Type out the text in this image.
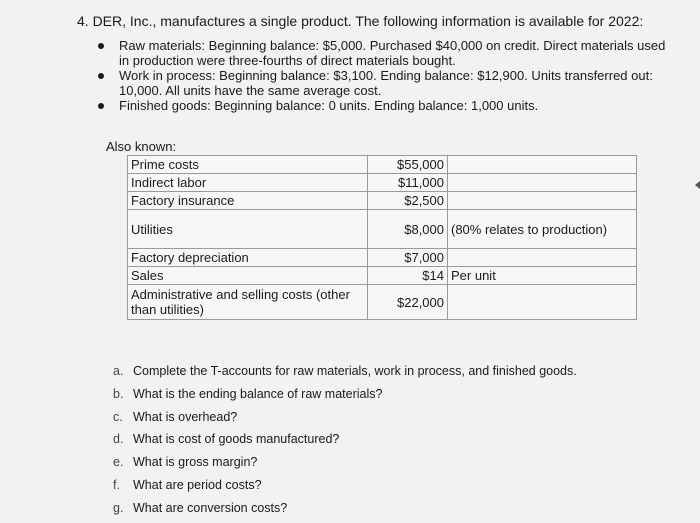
4. DER, Inc., manufactures a single product. The following information is available for 2022:
Raw materials: Beginning balance: $5,000. Purchased $40,000 on credit. Direct materials used in production were three-fourths of direct materials bought.
Work in process: Beginning balance: $3,100. Ending balance: $12,900. Units transferred out: 10,000. All units have the same average cost.
Finished goods: Beginning balance: 0 units. Ending balance: 1,000 units.
Also known:
Prime costs	$55,000	
Indirect labor	$11,000	
Factory insurance	$2,500	
Utilities	$8,000	(80% relates to production)
Factory depreciation	$7,000	
Sales	$14	Per unit
Administrative and selling costs (other than utilities)	$22,000	
a. Complete the T-accounts for raw materials, work in process, and finished goods.
b. What is the ending balance of raw materials?
c. What is overhead?
d. What is cost of goods manufactured?
e. What is gross margin?
f. What are period costs?
g. What are conversion costs?
